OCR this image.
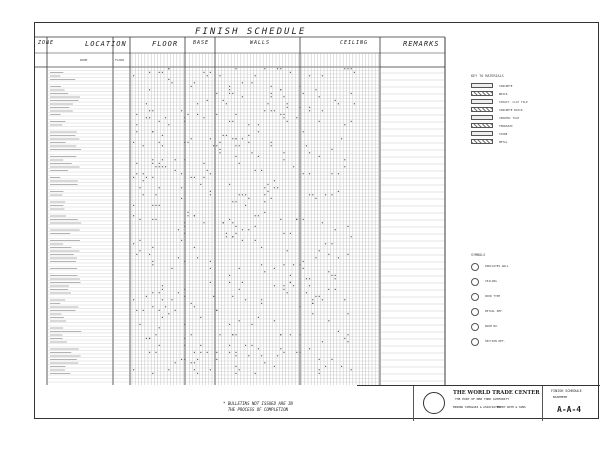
FINISH SCHEDULE
ZONE	LOCATION	FLOOR	BASE	WALLS	CEILING	REMARKS
ROOM	FLOOR
KEY TO MATERIALS
CONCRETE
BRICK
STRUCT. CLAY TILE
CONCRETE BLOCK
CERAMIC TILE
TERRAZZO
STONE
METAL
SYMBOLS
INDICATES WALL
CEILING
DOOR TYPE
DETAIL REF.
ROOM NO.
SECTION REF.
* BULLETINS NOT ISSUED ARE IN
THE PROCESS OF COMPLETION
THE WORLD TRADE CENTER
THE PORT OF NEW YORK AUTHORITY
MINORU YAMASAKI & ASSOCIATES
EMERY ROTH & SONS
FINISH SCHEDULE
BASEMENT
A-A-4
